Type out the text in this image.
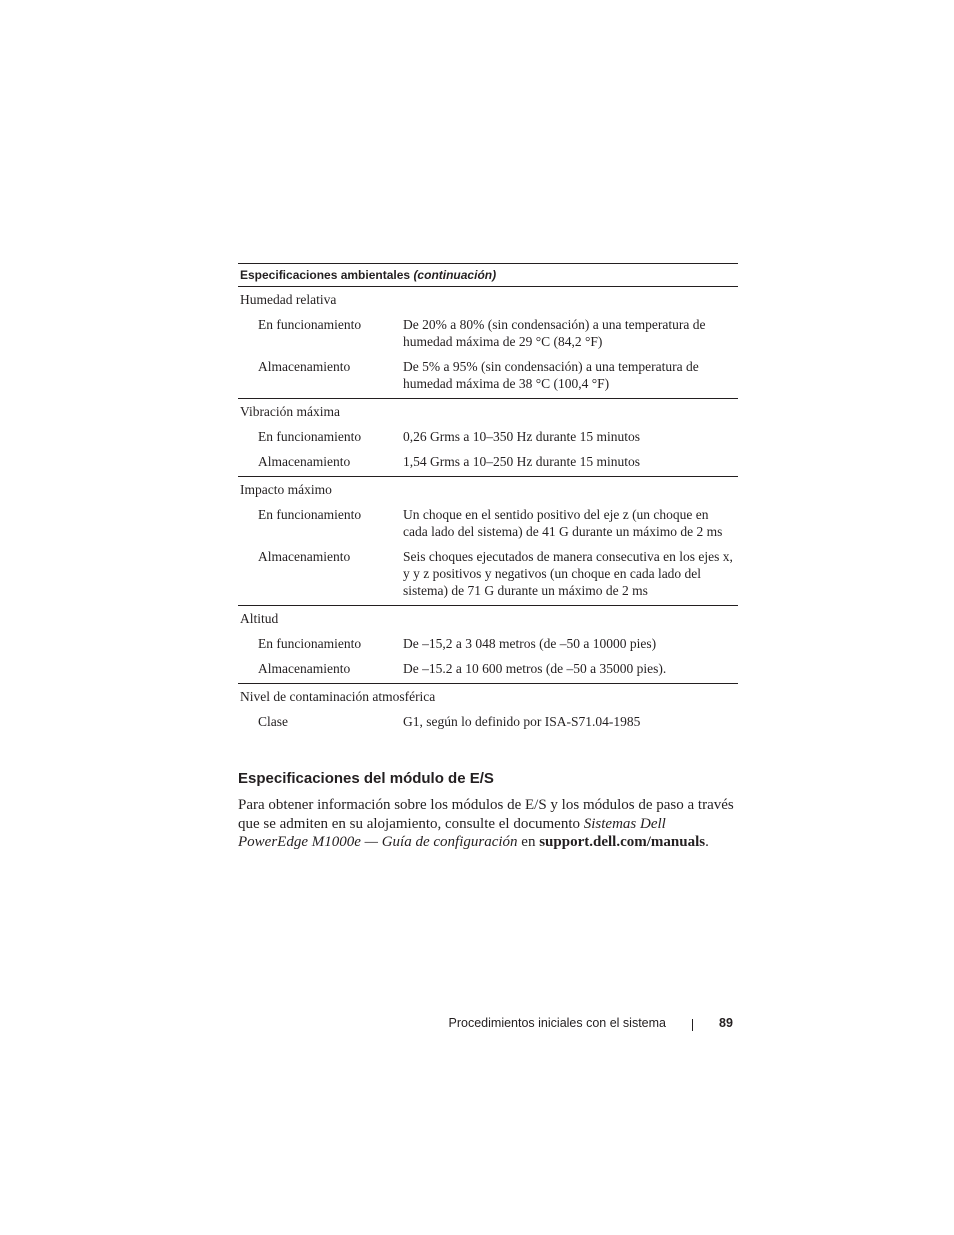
Especificaciones ambientales (continuación)
Humedad relativa
En funcionamiento	De 20% a 80% (sin condensación) a una temperatura de humedad máxima de 29 °C (84,2 °F)
Almacenamiento	De 5% a 95% (sin condensación) a una temperatura de humedad máxima de 38 °C (100,4 °F)
Vibración máxima
En funcionamiento	0,26 Grms a 10–350 Hz durante 15 minutos
Almacenamiento	1,54 Grms a 10–250 Hz durante 15 minutos
Impacto máximo
En funcionamiento	Un choque en el sentido positivo del eje z (un choque en cada lado del sistema) de 41 G durante un máximo de 2 ms
Almacenamiento	Seis choques ejecutados de manera consecutiva en los ejes x, y y z positivos y negativos (un choque en cada lado del sistema) de 71 G durante un máximo de 2 ms
Altitud
En funcionamiento	De –15,2 a 3 048 metros (de –50 a 10000 pies)
Almacenamiento	De –15.2 a 10 600 metros (de –50 a 35000 pies).
Nivel de contaminación atmosférica
Clase	G1, según lo definido por ISA-S71.04-1985
Especificaciones del módulo de E/S
Para obtener información sobre los módulos de E/S y los módulos de paso a través que se admiten en su alojamiento, consulte el documento Sistemas Dell PowerEdge M1000e — Guía de configuración en support.dell.com/manuals.
Procedimientos iniciales con el sistema	89
